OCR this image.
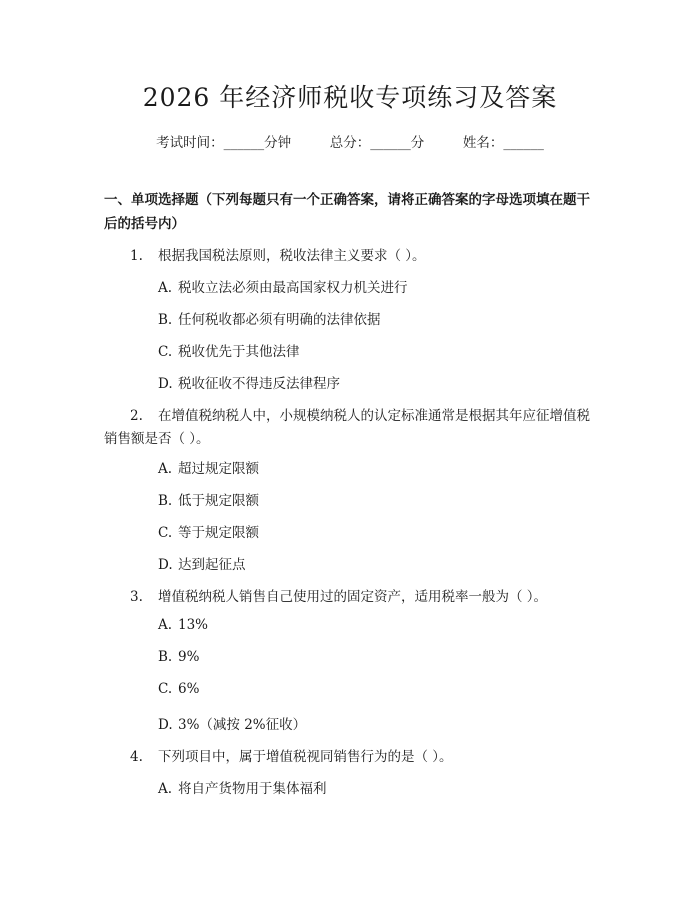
2026 年经济师税收专项练习及答案
考试时间：______分钟	总分：______分	姓名：______
一、单项选择题（下列每题只有一个正确答案，请将正确答案的字母选项填在题干后的括号内）
1. 根据我国税法原则，税收法律主义要求（ ）。
A. 税收立法必须由最高国家权力机关进行
B. 任何税收都必须有明确的法律依据
C. 税收优先于其他法律
D. 税收征收不得违反法律程序
2. 在增值税纳税人中，小规模纳税人的认定标准通常是根据其年应征增值税
销售额是否（ ）。
A. 超过规定限额
B. 低于规定限额
C. 等于规定限额
D. 达到起征点
3. 增值税纳税人销售自己使用过的固定资产，适用税率一般为（ ）。
A. 13%
B. 9%
C. 6%
D. 3%（减按 2%征收）
4. 下列项目中，属于增值税视同销售行为的是（ ）。
A. 将自产货物用于集体福利
